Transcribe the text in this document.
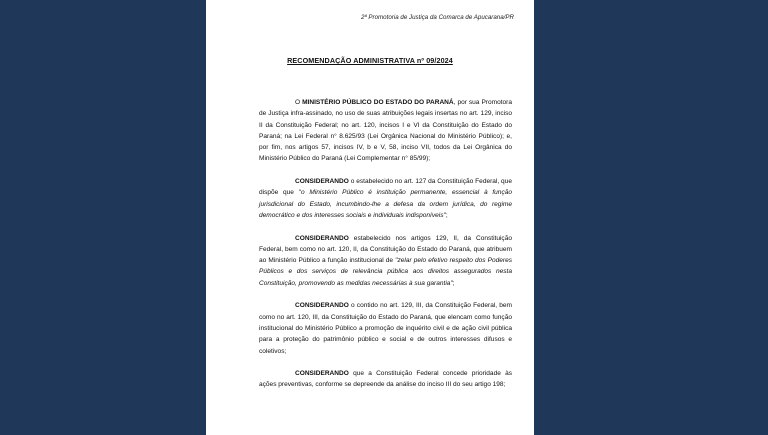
2ª Promotoria de Justiça da Comarca de Apucarana/PR
RECOMENDAÇÃO ADMINISTRATIVA nº 09/2024

O MINISTÉRIO PÚBLICO DO ESTADO DO PARANÁ, por sua Promotora de Justiça infra-assinado, no uso de suas atribuições legais insertas no art. 129, inciso II da Constituição Federal; no art. 120, incisos I e VI da Constituição do Estado do Paraná; na Lei Federal n° 8.625/93 (Lei Orgânica Nacional do Ministério Público); e, por fim, nos artigos 57, incisos IV, b e V, 58, inciso VII, todos da Lei Orgânica do Ministério Público do Paraná (Lei Complementar n° 85/99);

CONSIDERANDO o estabelecido no art. 127 da Constituição Federal, que dispõe que "o Ministério Público é instituição permanente, essencial à função jurisdicional do Estado, incumbindo-lhe a defesa da ordem jurídica, do regime democrático e dos interesses sociais e individuais indisponíveis";

CONSIDERANDO estabelecido nos artigos 129, II, da Constituição Federal, bem como no art. 120, II, da Constituição do Estado do Paraná, que atribuem ao Ministério Público a função institucional de "zelar pelo efetivo respeito dos Poderes Públicos e dos serviços de relevância pública aos direitos assegurados nesta Constituição, promovendo as medidas necessárias à sua garantia";

CONSIDERANDO o contido no art. 129, III, da Constituição Federal, bem como no art. 120, III, da Constituição do Estado do Paraná, que elencam como função institucional do Ministério Público a promoção de inquérito civil e de ação civil pública para a proteção do patrimônio público e social e de outros interesses difusos e coletivos;

CONSIDERANDO que a Constituição Federal concede prioridade às ações preventivas, conforme se depreende da análise do inciso III do seu artigo 198;
